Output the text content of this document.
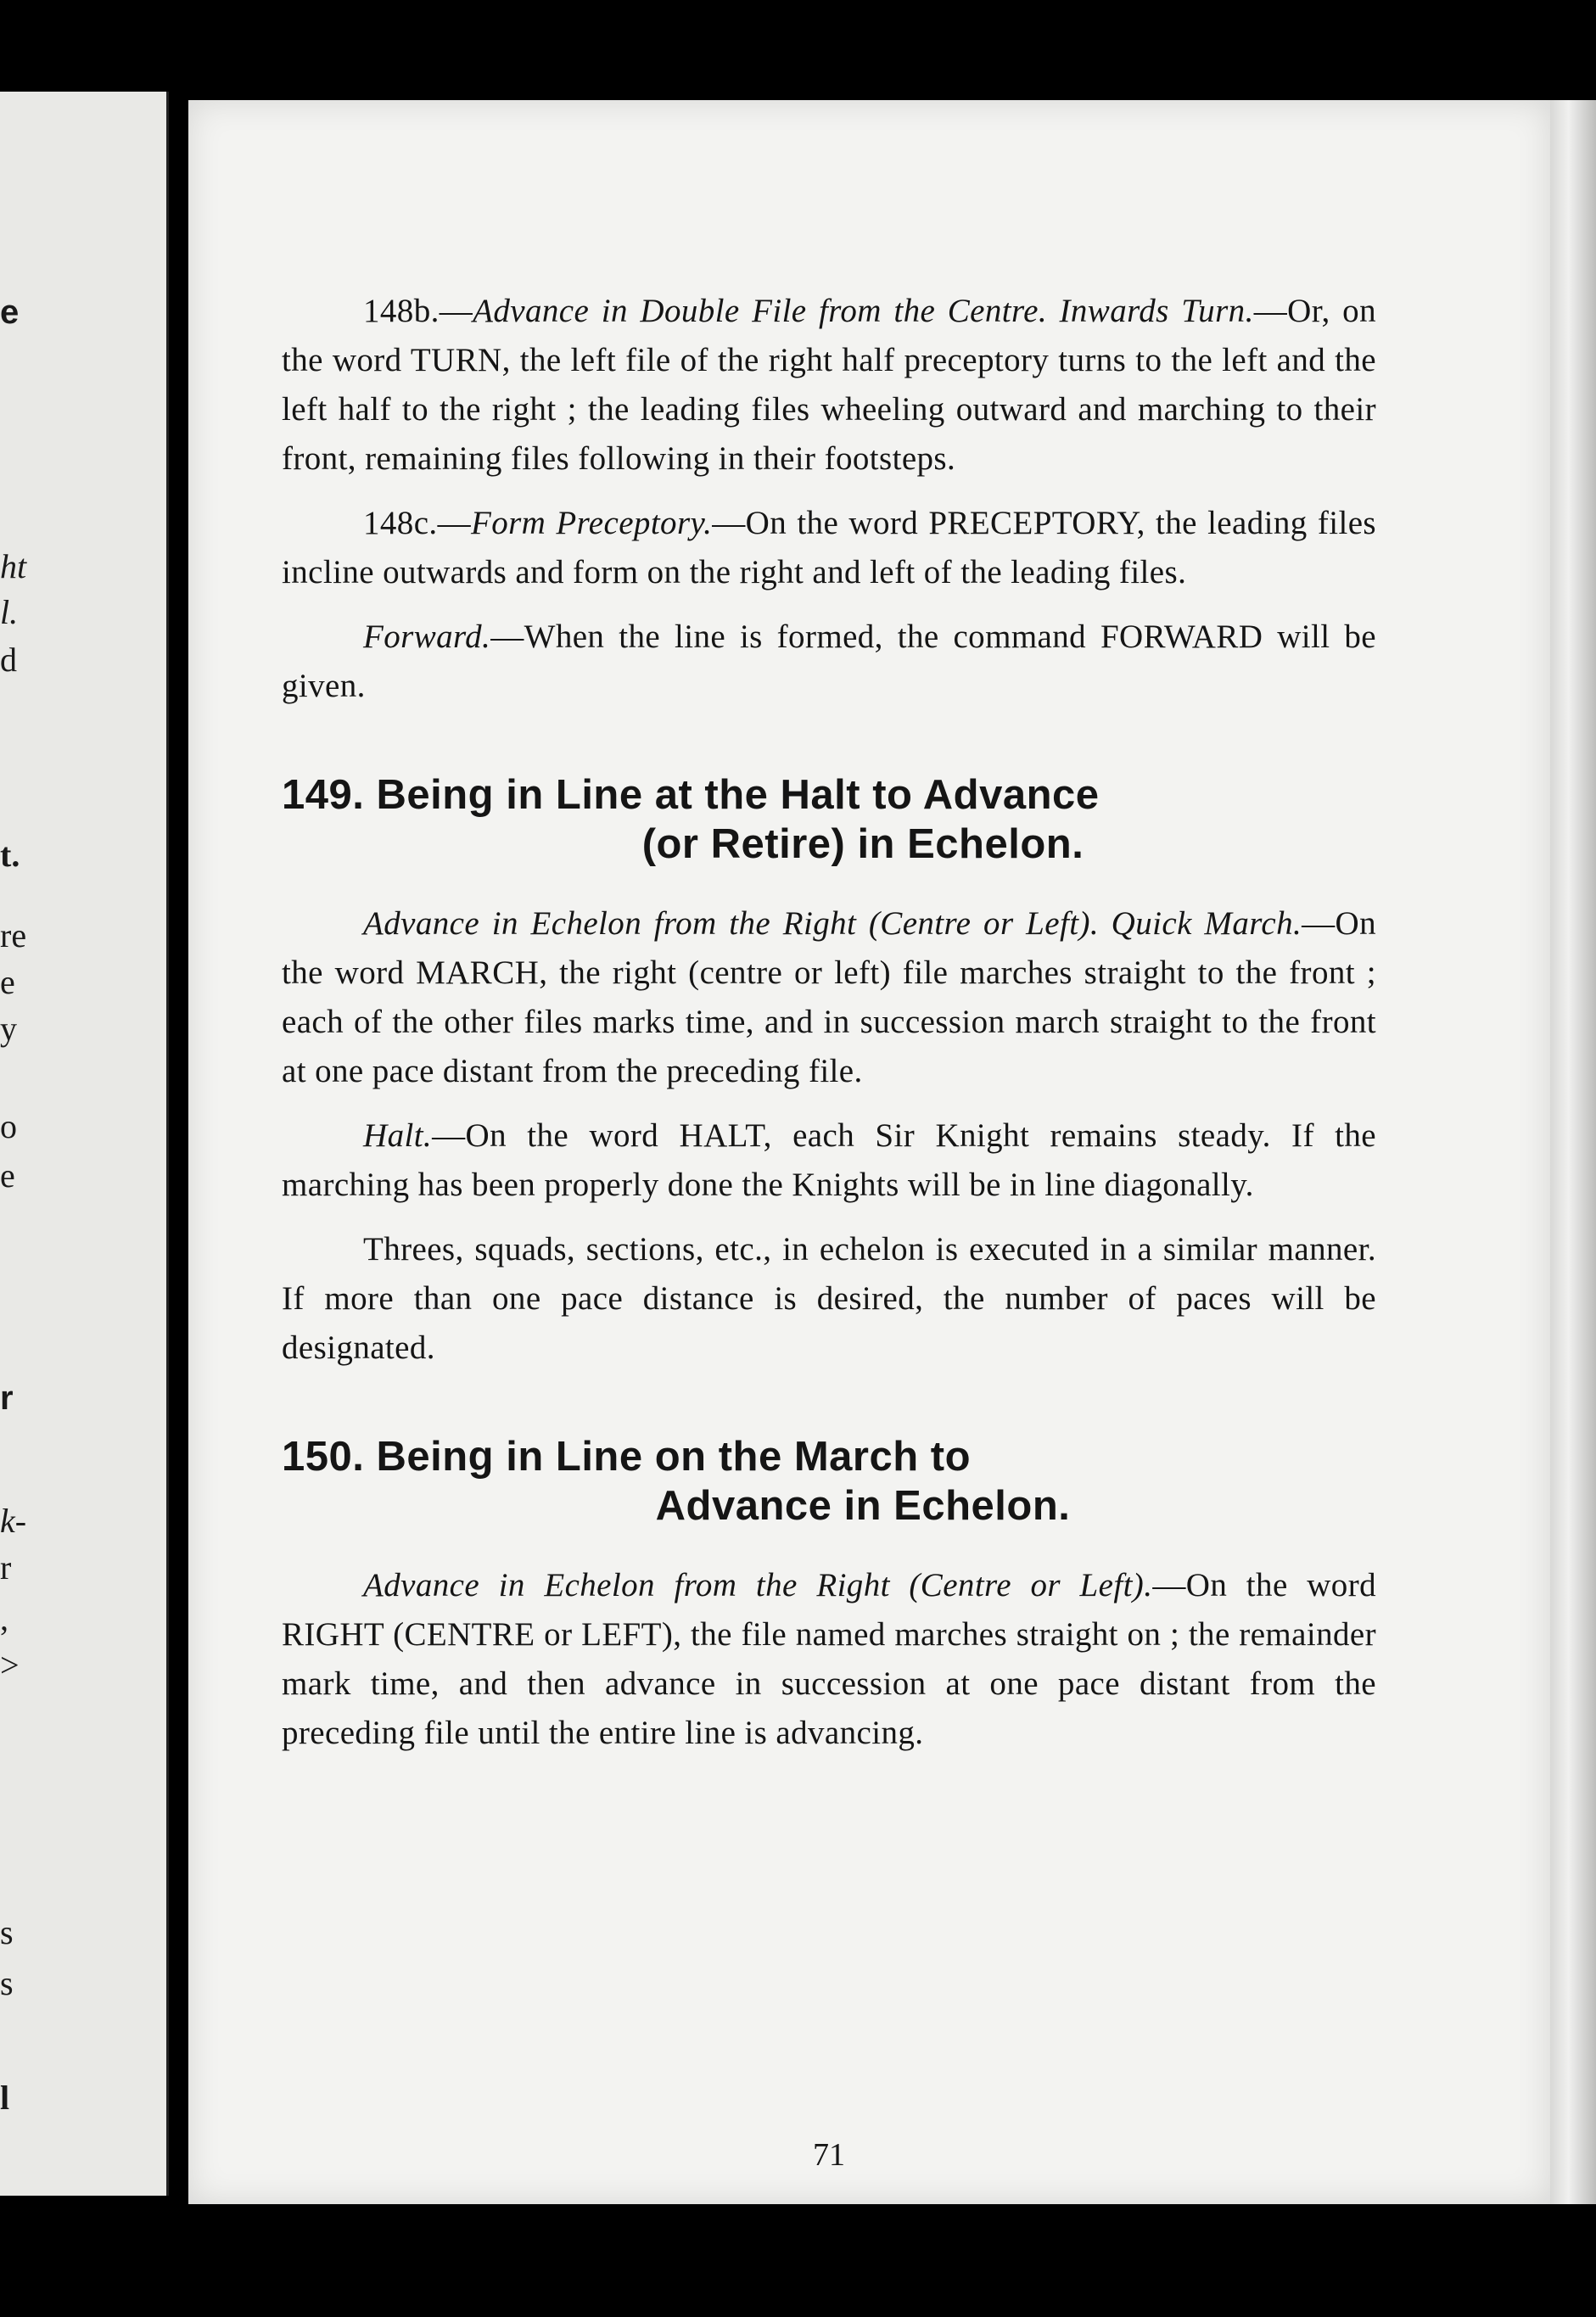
e
ht
l.
d
t.
re
e
y
o
e
r
k-
r
,
>
s
s
l

148b.—Advance in Double File from the Centre. Inwards Turn.—Or, on the word TURN, the left file of the right half preceptory turns to the left and the left half to the right ; the leading files wheeling outward and marching to their front, remaining files following in their footsteps.

148c.—Form Preceptory.—On the word PRECEPTORY, the leading files incline outwards and form on the right and left of the leading files.

Forward.—When the line is formed, the command FORWARD will be given.

149. Being in Line at the Halt to Advance
(or Retire) in Echelon.

Advance in Echelon from the Right (Centre or Left). Quick March.—On the word MARCH, the right (centre or left) file marches straight to the front ; each of the other files marks time, and in succession march straight to the front at one pace distant from the preceding file.

Halt.—On the word HALT, each Sir Knight remains steady. If the marching has been properly done the Knights will be in line diagonally.

Threes, squads, sections, etc., in echelon is executed in a similar manner. If more than one pace distance is desired, the number of paces will be designated.

150. Being in Line on the March to
Advance in Echelon.

Advance in Echelon from the Right (Centre or Left).—On the word RIGHT (CENTRE or LEFT), the file named marches straight on ; the remainder mark time, and then advance in succession at one pace distant from the preceding file until the entire line is advancing.

71
